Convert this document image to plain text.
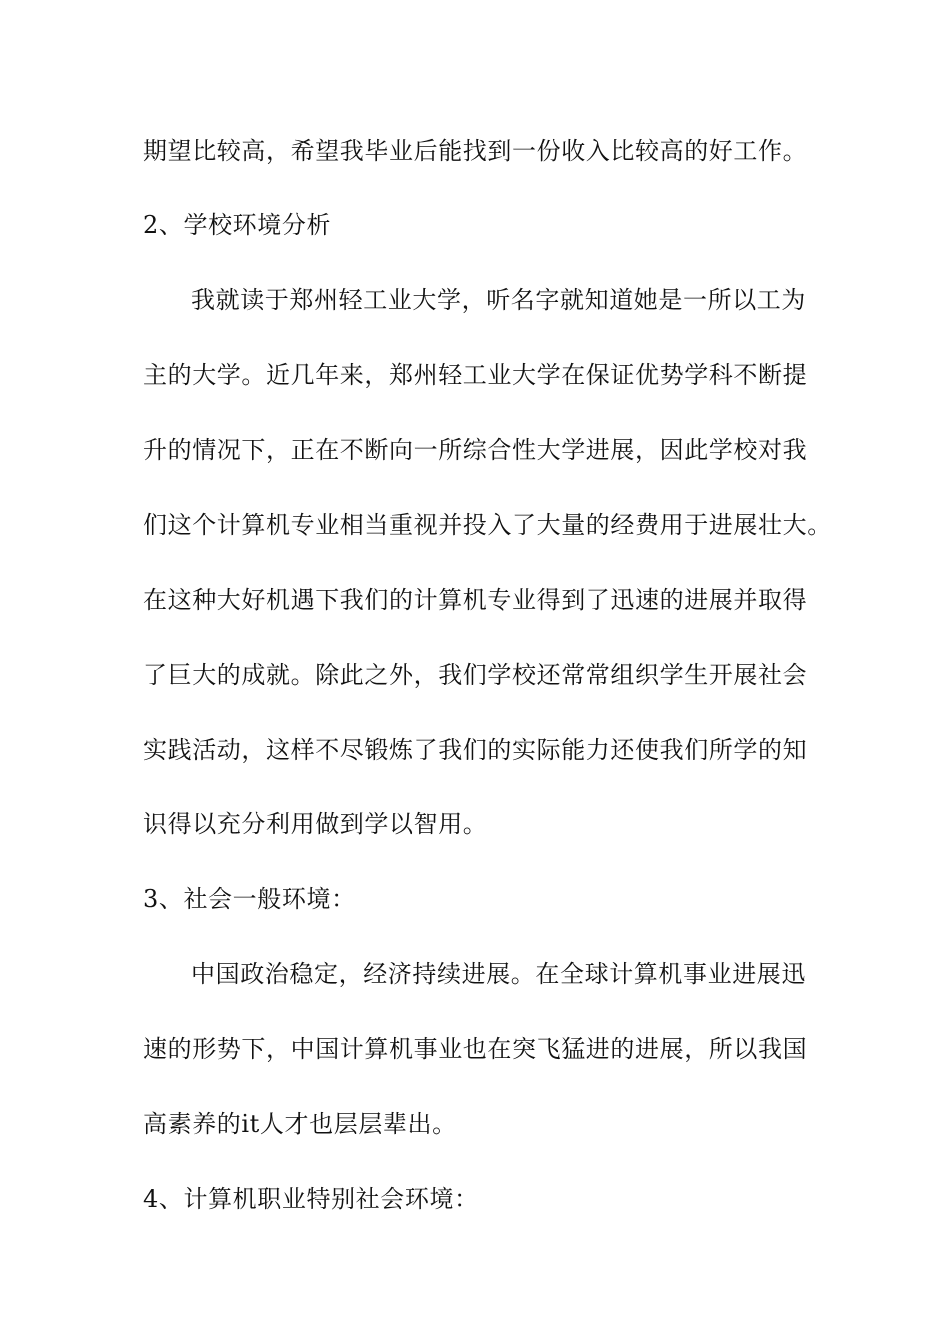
期望比较高，希望我毕业后能找到一份收入比较高的好工作。
2、学校环境分析
我就读于郑州轻工业大学，听名字就知道她是一所以工为
主的大学。近几年来，郑州轻工业大学在保证优势学科不断提
升的情况下，正在不断向一所综合性大学进展，因此学校对我
们这个计算机专业相当重视并投入了大量的经费用于进展壮大。
在这种大好机遇下我们的计算机专业得到了迅速的进展并取得
了巨大的成就。除此之外，我们学校还常常组织学生开展社会
实践活动，这样不尽锻炼了我们的实际能力还使我们所学的知
识得以充分利用做到学以智用。
3、社会一般环境：
中国政治稳定，经济持续进展。在全球计算机事业进展迅
速的形势下，中国计算机事业也在突飞猛进的进展，所以我国
高素养的it人才也层层辈出。
4、计算机职业特别社会环境：
